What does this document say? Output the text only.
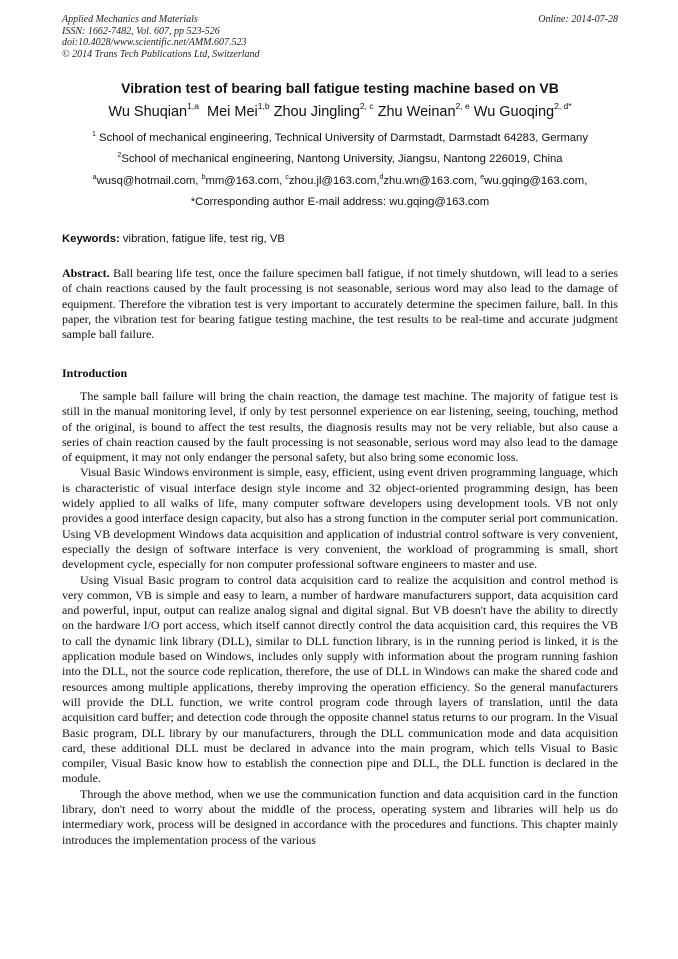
Applied Mechanics and Materials
ISSN: 1662-7482, Vol. 607, pp 523-526
doi:10.4028/www.scientific.net/AMM.607.523
© 2014 Trans Tech Publications Ltd, Switzerland
Online: 2014-07-28
Vibration test of bearing ball fatigue testing machine based on VB
Wu Shuqian$^{1,a}$ Mei Mei$^{1,b}$ Zhou Jingling$^{2, c}$ Zhu Weinan$^{2, e}$ Wu Guoqing$^{2, d*}$
$^1$ School of mechanical engineering, Technical University of Darmstadt, Darmstadt 64283, Germany
$^2$School of mechanical engineering, Nantong University, Jiangsu, Nantong 226019, China
$^a$wusq@hotmail.com, $^b$mm@163.com, $^c$zhou.jl@163.com,$^d$zhu.wn@163.com, $^e$wu.gqing@163.com,
*Corresponding author E-mail address: wu.gqing@163.com
Keywords: vibration, fatigue life, test rig, VB

Abstract. Ball bearing life test, once the failure specimen ball fatigue, if not timely shutdown, will lead to a series of chain reactions caused by the fault processing is not seasonable, serious word may also lead to the damage of equipment. Therefore the vibration test is very important to accurately determine the specimen failure, ball. In this paper, the vibration test for bearing fatigue testing machine, the test results to be real-time and accurate judgment sample ball failure.

Introduction

The sample ball failure will bring the chain reaction, the damage test machine. The majority of fatigue test is still in the manual monitoring level, if only by test personnel experience on ear listening, seeing, touching, method of the original, is bound to affect the test results, the diagnosis results may not be very reliable, but also cause a series of chain reaction caused by the fault processing is not seasonable, serious word may also lead to the damage of equipment, it may not only endanger the personal safety, but also bring some economic loss.

Visual Basic Windows environment is simple, easy, efficient, using event driven programming language, which is characteristic of visual interface design style income and 32 object-oriented programming design, has been widely applied to all walks of life, many computer software developers using development tools. VB not only provides a good interface design capacity, but also has a strong function in the computer serial port communication. Using VB development Windows data acquisition and application of industrial control software is very convenient, especially the design of software interface is very convenient, the workload of programming is small, short development cycle, especially for non computer professional software engineers to master and use.

Using Visual Basic program to control data acquisition card to realize the acquisition and control method is very common, VB is simple and easy to learn, a number of hardware manufacturers support, data acquisition card and powerful, input, output can realize analog signal and digital signal. But VB doesn't have the ability to directly on the hardware I/O port access, which itself cannot directly control the data acquisition card, this requires the VB to call the dynamic link library (DLL), similar to DLL function library, is in the running period is linked, it is the application module based on Windows, includes only supply with information about the program running fashion into the DLL, not the source code replication, therefore, the use of DLL in Windows can make the shared code and resources among multiple applications, thereby improving the operation efficiency. So the general manufacturers will provide the DLL function, we write control program code through layers of translation, until the data acquisition card buffer; and detection code through the opposite channel status returns to our program. In the Visual Basic program, DLL library by our manufacturers, through the DLL communication mode and data acquisition card, these additional DLL must be declared in advance into the main program, which tells Visual to Basic compiler, Visual Basic know how to establish the connection pipe and DLL, the DLL function is declared in the module.

Through the above method, when we use the communication function and data acquisition card in the function library, don't need to worry about the middle of the process, operating system and libraries will help us do intermediary work, process will be designed in accordance with the procedures and functions. This chapter mainly introduces the implementation process of the various
